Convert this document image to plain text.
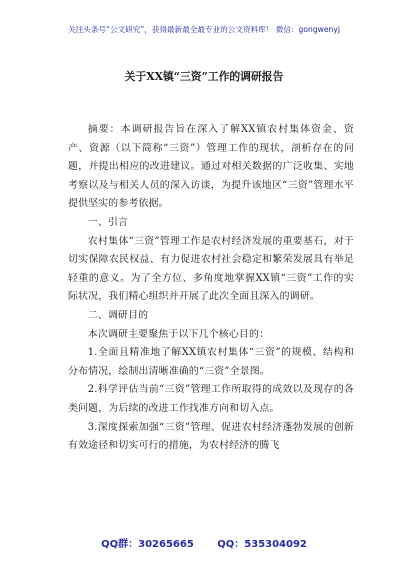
关注头条号“公文研究”，获得最新最全最专业的公文资料库！ 微信：gongwenyj
关于XX镇“三资”工作的调研报告

摘要：本调研报告旨在深入了解XX镇农村集体资金、资产、资源（以下简称“三资”）管理工作的现状，剖析存在的问题，并提出相应的改进建议。通过对相关数据的广泛收集、实地考察以及与相关人员的深入访谈，为提升该地区“三资”管理水平提供坚实的参考依据。

一、引言

农村集体“三资”管理工作是农村经济发展的重要基石，对于切实保障农民权益、有力促进农村社会稳定和繁荣发展具有举足轻重的意义。为了全方位、多角度地掌握XX镇“三资”工作的实际状况，我们精心组织并开展了此次全面且深入的调研。

二、调研目的

本次调研主要聚焦于以下几个核心目的：

1.全面且精准地了解XX镇农村集体“三资”的规模、结构和分布情况，绘制出清晰准确的“三资”全景图。

2.科学评估当前“三资”管理工作所取得的成效以及现存的各类问题，为后续的改进工作找准方向和切入点。

3.深度探索加强“三资”管理、促进农村经济蓬勃发展的创新有效途径和切实可行的措施，为农村经济的腾飞

QQ群：30265665 QQ：535304092
